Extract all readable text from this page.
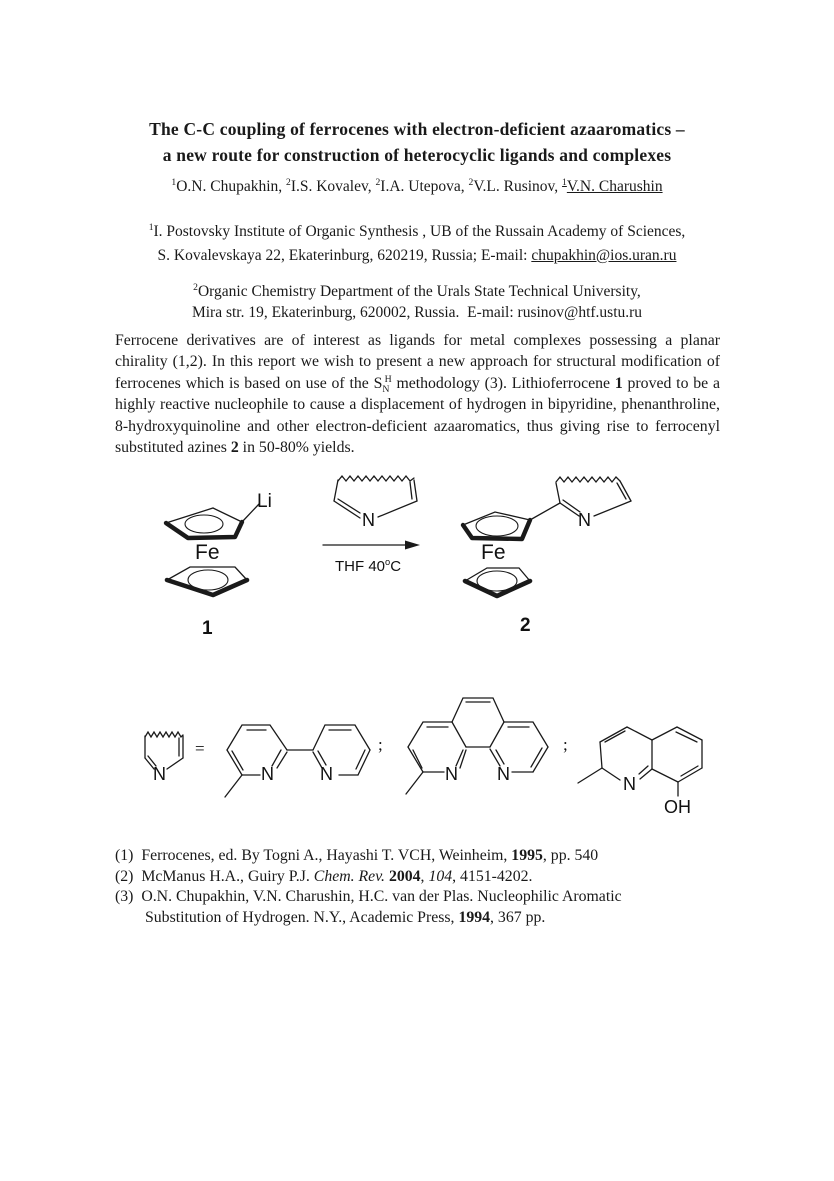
The C-C coupling of ferrocenes with electron-deficient azaaromatics –
a new route for construction of heterocyclic ligands and complexes
$^1$O.N. Chupakhin, $^2$I.S. Kovalev, $^2$I.A. Utepova, $^2$V.L. Rusinov, $^1$V.N. Charushin
$^1$I. Postovsky Institute of Organic Synthesis , UB of the Russain Academy of Sciences,
S. Kovalevskaya 22, Ekaterinburg, 620219, Russia; E-mail: chupakhin@ios.uran.ru
$^2$Organic Chemistry Department of the Urals State Technical University,
Mira str. 19, Ekaterinburg, 620002, Russia.  E-mail: rusinov@htf.ustu.ru

Ferrocene derivatives are of interest as ligands for metal complexes possessing a planar chirality (1,2). In this report we wish to present a new approach for structural modification of ferrocenes which is based on use of the $S_N^H$ methodology (3). Lithioferrocene 1 proved to be a highly reactive nucleophile to cause a displacement of hydrogen in bipyridine, phenanthroline, 8-hydroxyquinoline and other electron-deficient azaaromatics, thus giving rise to ferrocenyl substituted azines 2 in 50-80% yields.

Li
Fe
N
THF 40$^o$C
Fe
N
1	2
N
=
N	N
;
N N
;
N
OH
(1)  Ferrocenes, ed. By Togni A., Hayashi T. VCH, Weinheim, 1995, pp. 540
(2)  McManus H.A., Guiry P.J. Chem. Rev. 2004, 104, 4151-4202.
(3)  O.N. Chupakhin, V.N. Charushin, H.C. van der Plas. Nucleophilic Aromatic Substitution of Hydrogen. N.Y., Academic Press, 1994, 367 pp.
